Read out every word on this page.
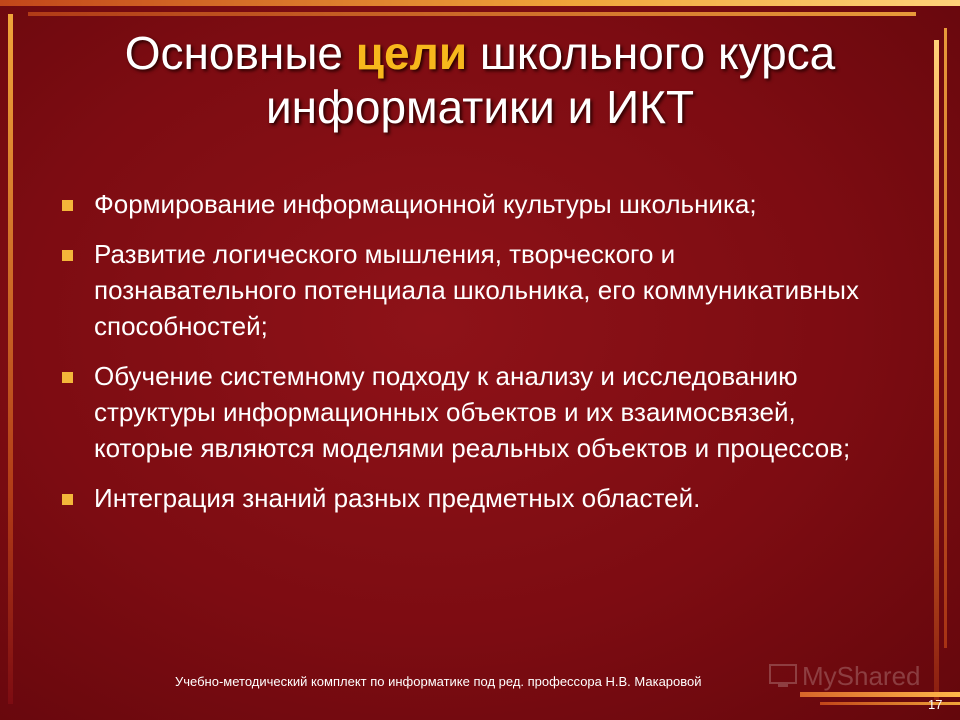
Основные цели школьного курса
информатики и ИКТ
Формирование информационной культуры школьника;
Развитие логического мышления, творческого и познавательного потенциала школьника, его коммуникативных способностей;
Обучение системному подходу к анализу и исследованию структуры информационных объектов и их взаимосвязей, которые являются моделями реальных объектов и процессов;
Интеграция знаний разных предметных областей.
MyShared
Учебно-методический комплект по информатике под ред. профессора Н.В. Макаровой
17
